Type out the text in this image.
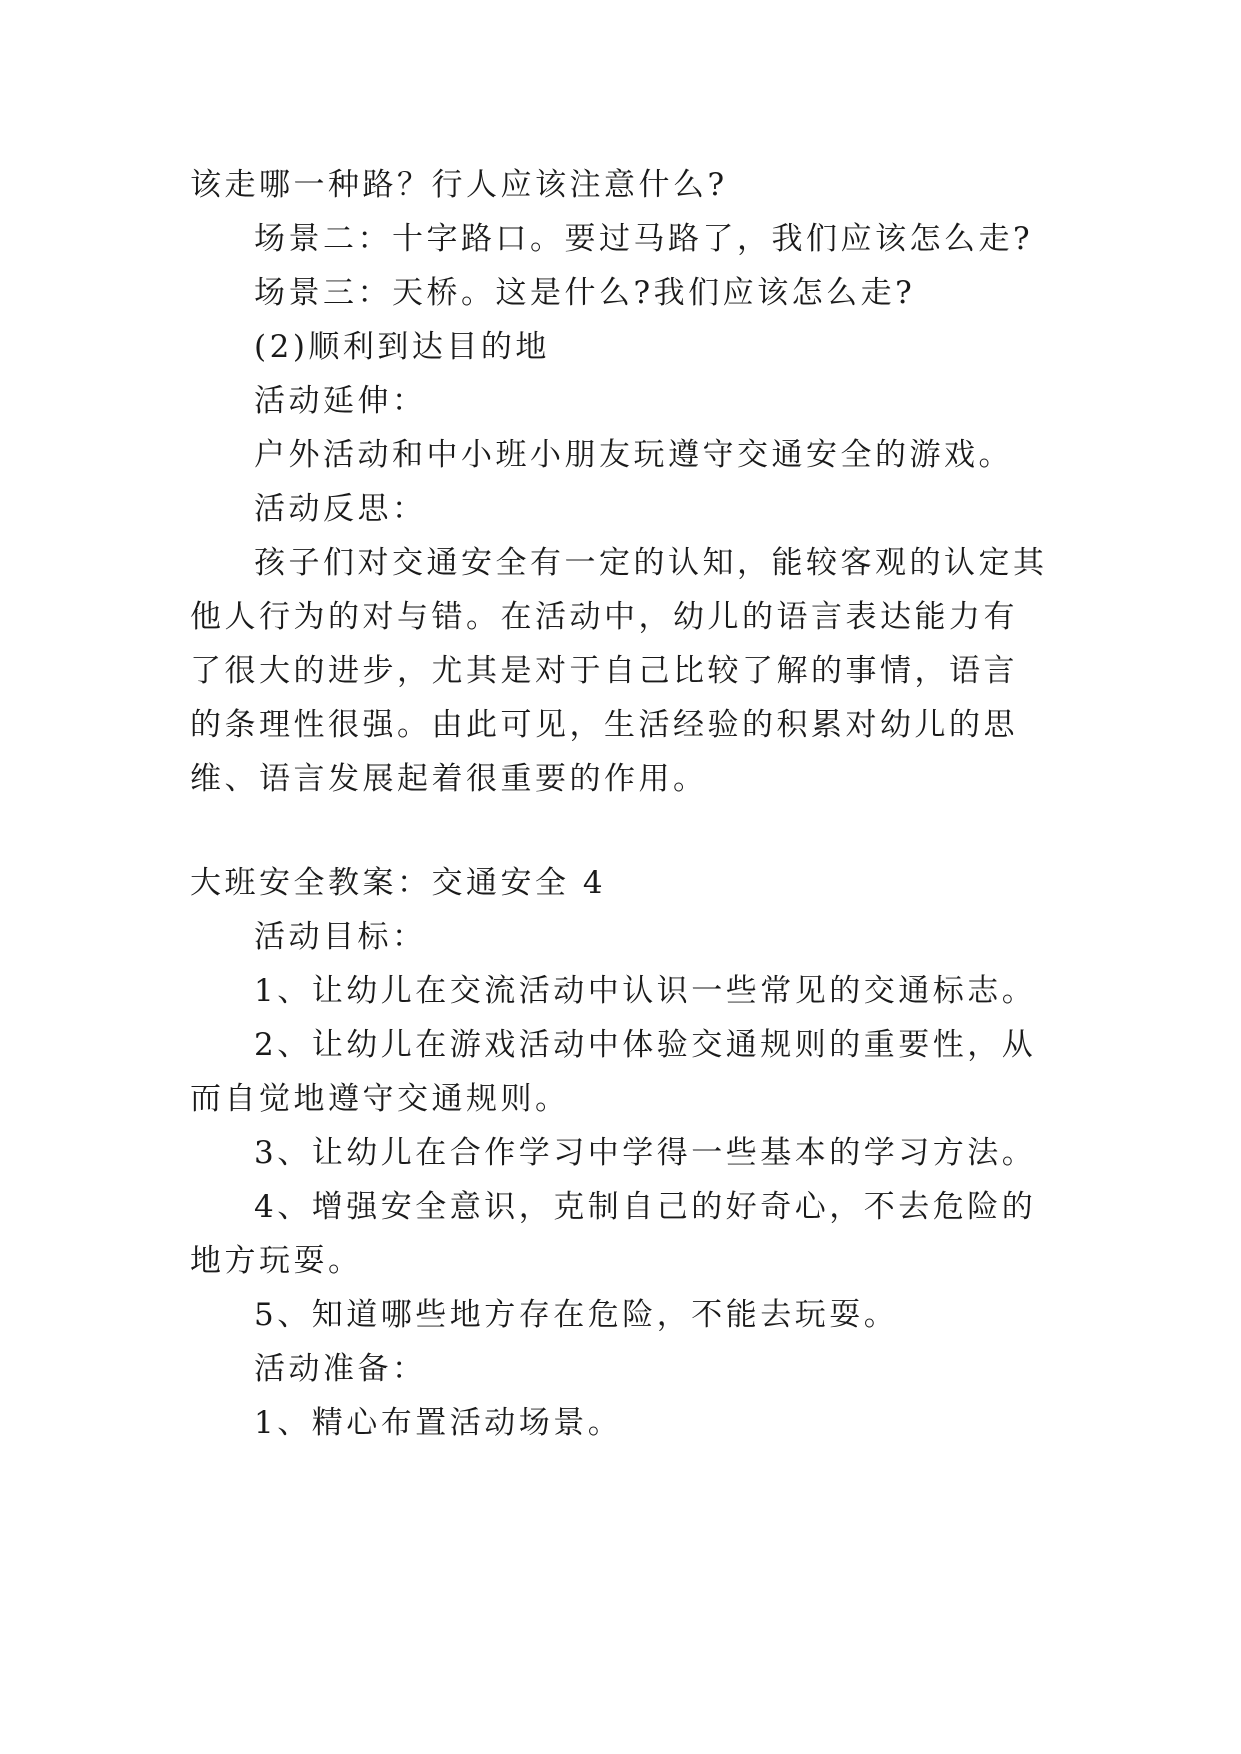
该走哪一种路？行人应该注意什么?

场景二：十字路口。要过马路了，我们应该怎么走?

场景三：天桥。这是什么?我们应该怎么走?

(2)顺利到达目的地

活动延伸：

户外活动和中小班小朋友玩遵守交通安全的游戏。

活动反思：

孩子们对交通安全有一定的认知，能较客观的认定其他人行为的对与错。在活动中，幼儿的语言表达能力有了很大的进步，尤其是对于自己比较了解的事情，语言的条理性很强。由此可见，生活经验的积累对幼儿的思维、语言发展起着很重要的作用。

大班安全教案：交通安全 4

活动目标：

1、让幼儿在交流活动中认识一些常见的交通标志。

2、让幼儿在游戏活动中体验交通规则的重要性，从而自觉地遵守交通规则。

3、让幼儿在合作学习中学得一些基本的学习方法。

4、增强安全意识，克制自己的好奇心，不去危险的地方玩耍。

5、知道哪些地方存在危险，不能去玩耍。

活动准备：

1、精心布置活动场景。
